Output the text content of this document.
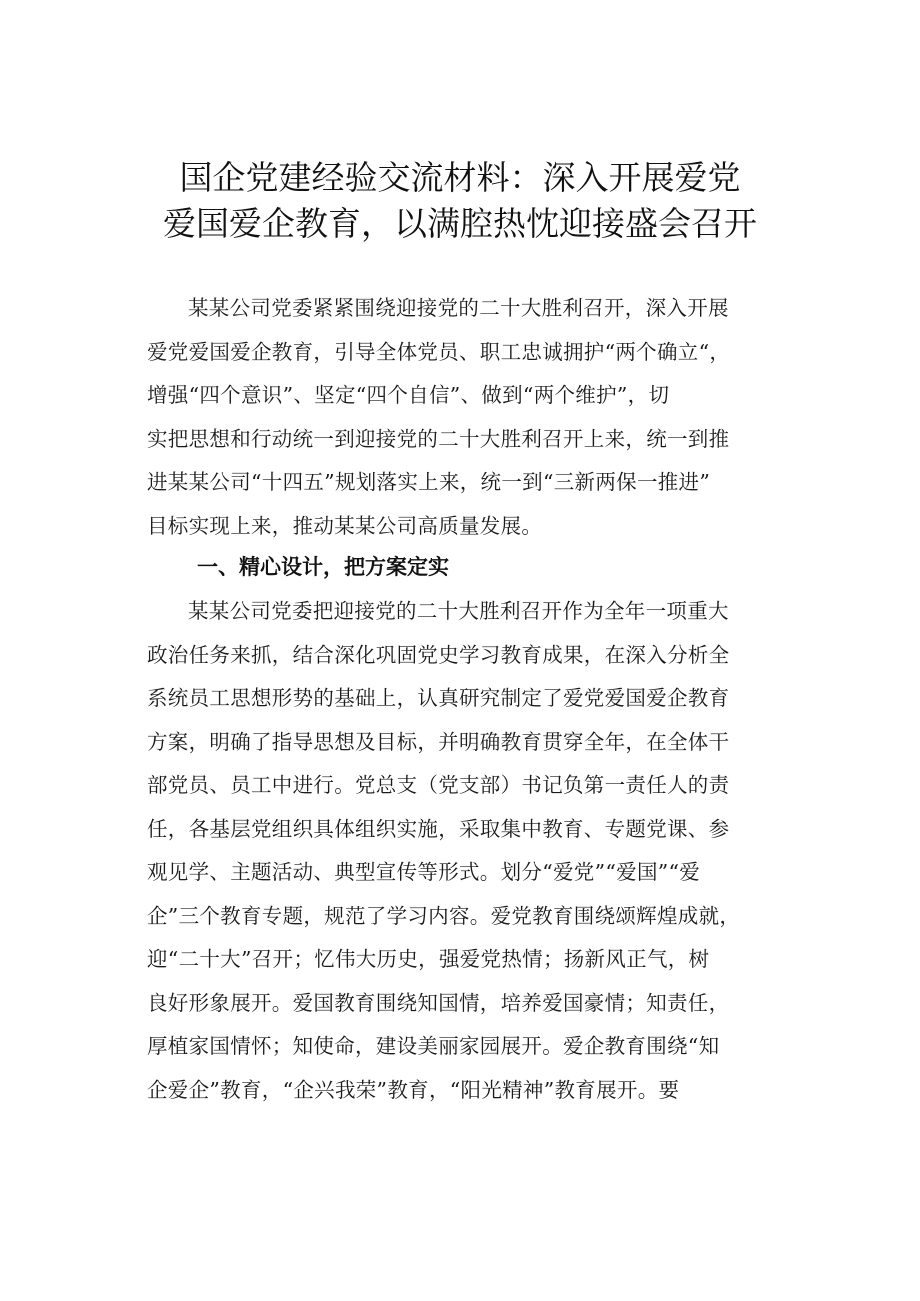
国企党建经验交流材料：深入开展爱党
爱国爱企教育，以满腔热忱迎接盛会召开
某某公司党委紧紧围绕迎接党的二十大胜利召开，深入开展
爱党爱国爱企教育，引导全体党员、职工忠诚拥护“两个确立“，
增强“四个意识”、坚定“四个自信”、做到“两个维护”，切
实把思想和行动统一到迎接党的二十大胜利召开上来，统一到推
进某某公司“十四五”规划落实上来，统一到“三新两保一推进”
目标实现上来，推动某某公司高质量发展。
一、精心设计，把方案定实
某某公司党委把迎接党的二十大胜利召开作为全年一项重大
政治任务来抓，结合深化巩固党史学习教育成果，在深入分析全
系统员工思想形势的基础上，认真研究制定了爱党爱国爱企教育
方案，明确了指导思想及目标，并明确教育贯穿全年，在全体干
部党员、员工中进行。党总支（党支部）书记负第一责任人的责
任，各基层党组织具体组织实施，采取集中教育、专题党课、参
观见学、主题活动、典型宣传等形式。划分“爱党”“爱国”“爱
企”三个教育专题，规范了学习内容。爱党教育围绕颂辉煌成就，
迎“二十大”召开；忆伟大历史，强爱党热情；扬新风正气，树
良好形象展开。爱国教育围绕知国情，培养爱国豪情；知责任，
厚植家国情怀；知使命，建设美丽家园展开。爱企教育围绕“知
企爱企”教育，“企兴我荣”教育，“阳光精神”教育展开。要
